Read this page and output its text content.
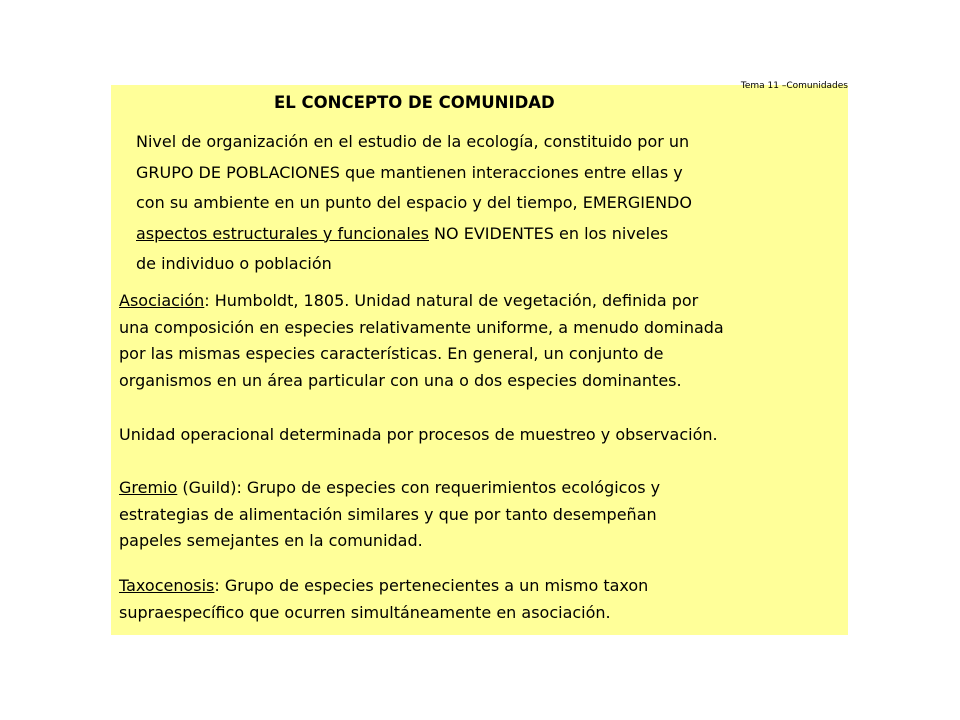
Tema 11 –Comunidades
EL CONCEPTO DE COMUNIDAD
Nivel de organización en el estudio de la ecología, constituido por un
GRUPO DE POBLACIONES que mantienen interacciones entre ellas y
con su ambiente en un punto del espacio y del tiempo, EMERGIENDO
aspectos estructurales y funcionales NO EVIDENTES en los niveles
de individuo o población
Asociación: Humboldt, 1805. Unidad natural de vegetación, definida por
una composición en especies relativamente uniforme, a menudo dominada
por las mismas especies características. En general, un conjunto de
organismos en un área particular con una o dos especies dominantes.
Unidad operacional determinada por procesos de muestreo y observación.
Gremio (Guild): Grupo de especies con requerimientos ecológicos y
estrategias de alimentación similares y que por tanto desempeñan
papeles semejantes en la comunidad.
Taxocenosis: Grupo de especies pertenecientes a un mismo taxon
supraespecífico que ocurren simultáneamente en asociación.
